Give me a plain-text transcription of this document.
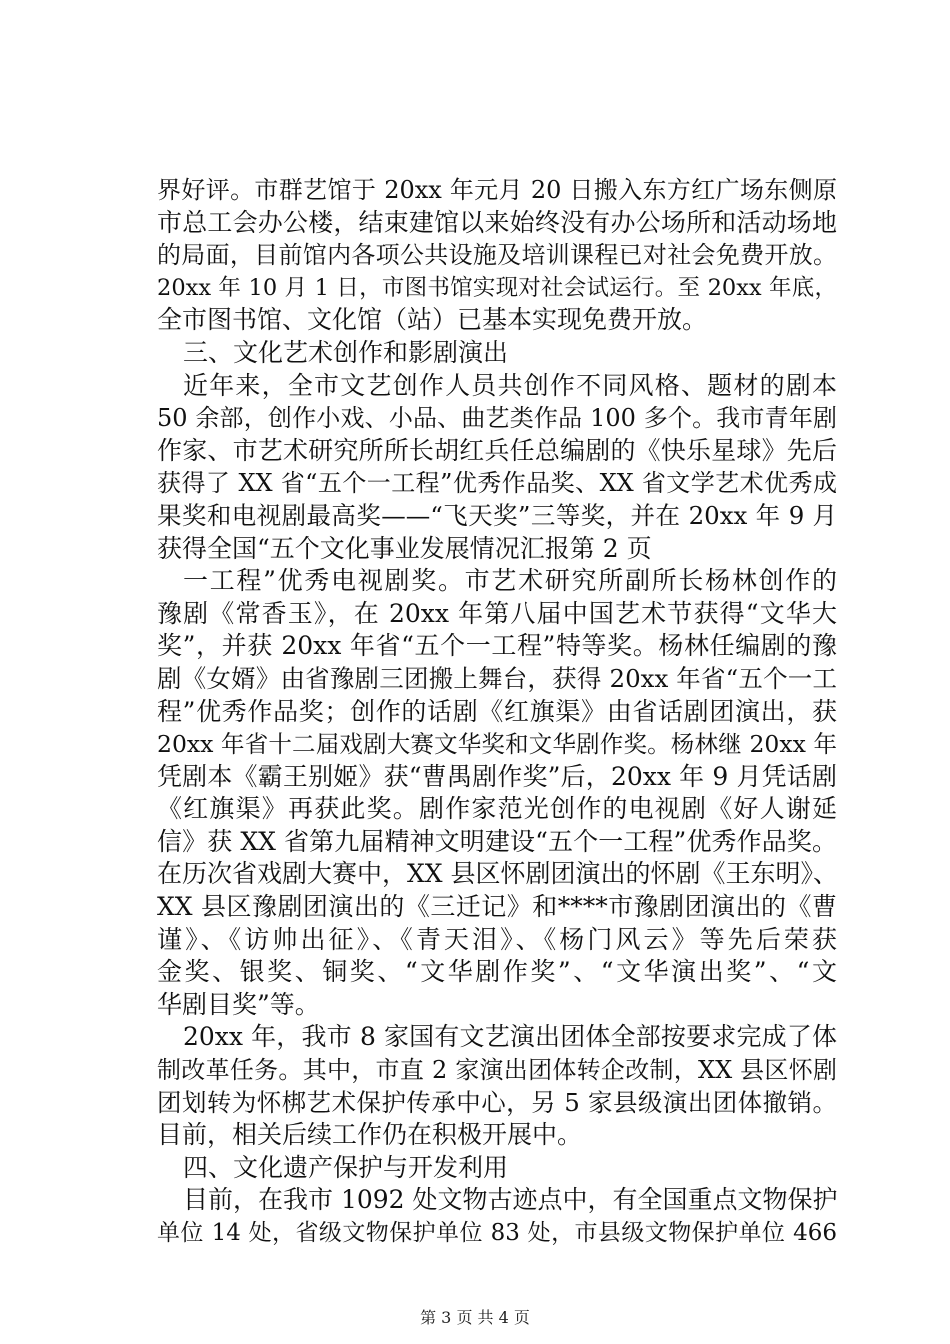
界好评。市群艺馆于 20xx 年元月 20 日搬入东方红广场东侧原
市总工会办公楼，结束建馆以来始终没有办公场所和活动场地
的局面，目前馆内各项公共设施及培训课程已对社会免费开放。
20xx 年 10 月 1 日，市图书馆实现对社会试运行。至 20xx 年底，
全市图书馆、文化馆（站）已基本实现免费开放。
三、文化艺术创作和影剧演出
近年来，全市文艺创作人员共创作不同风格、题材的剧本
50 余部，创作小戏、小品、曲艺类作品 100 多个。我市青年剧
作家、市艺术研究所所长胡红兵任总编剧的《快乐星球》先后
获得了 XX 省“五个一工程”优秀作品奖、XX 省文学艺术优秀成
果奖和电视剧最高奖——“飞天奖”三等奖，并在 20xx 年 9 月
获得全国“五个文化事业发展情况汇报第 2 页
一工程”优秀电视剧奖。市艺术研究所副所长杨林创作的
豫剧《常香玉》，在 20xx 年第八届中国艺术节获得“文华大
奖”，并获 20xx 年省“五个一工程”特等奖。杨林任编剧的豫
剧《女婿》由省豫剧三团搬上舞台，获得 20xx 年省“五个一工
程”优秀作品奖；创作的话剧《红旗渠》由省话剧团演出，获
20xx 年省十二届戏剧大赛文华奖和文华剧作奖。杨林继 20xx 年
凭剧本《霸王别姬》获“曹禺剧作奖”后，20xx 年 9 月凭话剧
《红旗渠》再获此奖。剧作家范光创作的电视剧《好人谢延
信》获 XX 省第九届精神文明建设“五个一工程”优秀作品奖。
在历次省戏剧大赛中，XX 县区怀剧团演出的怀剧《王东明》、
XX 县区豫剧团演出的《三迁记》和****市豫剧团演出的《曹
谨》、《访帅出征》、《青天泪》、《杨门风云》等先后荣获
金奖、银奖、铜奖、“文华剧作奖”、“文华演出奖”、“文
华剧目奖”等。
20xx 年，我市 8 家国有文艺演出团体全部按要求完成了体
制改革任务。其中，市直 2 家演出团体转企改制，XX 县区怀剧
团划转为怀梆艺术保护传承中心，另 5 家县级演出团体撤销。
目前，相关后续工作仍在积极开展中。
四、文化遗产保护与开发利用
目前，在我市 1092 处文物古迹点中，有全国重点文物保护
单位 14 处，省级文物保护单位 83 处，市县级文物保护单位 466
第 3 页 共 4 页
